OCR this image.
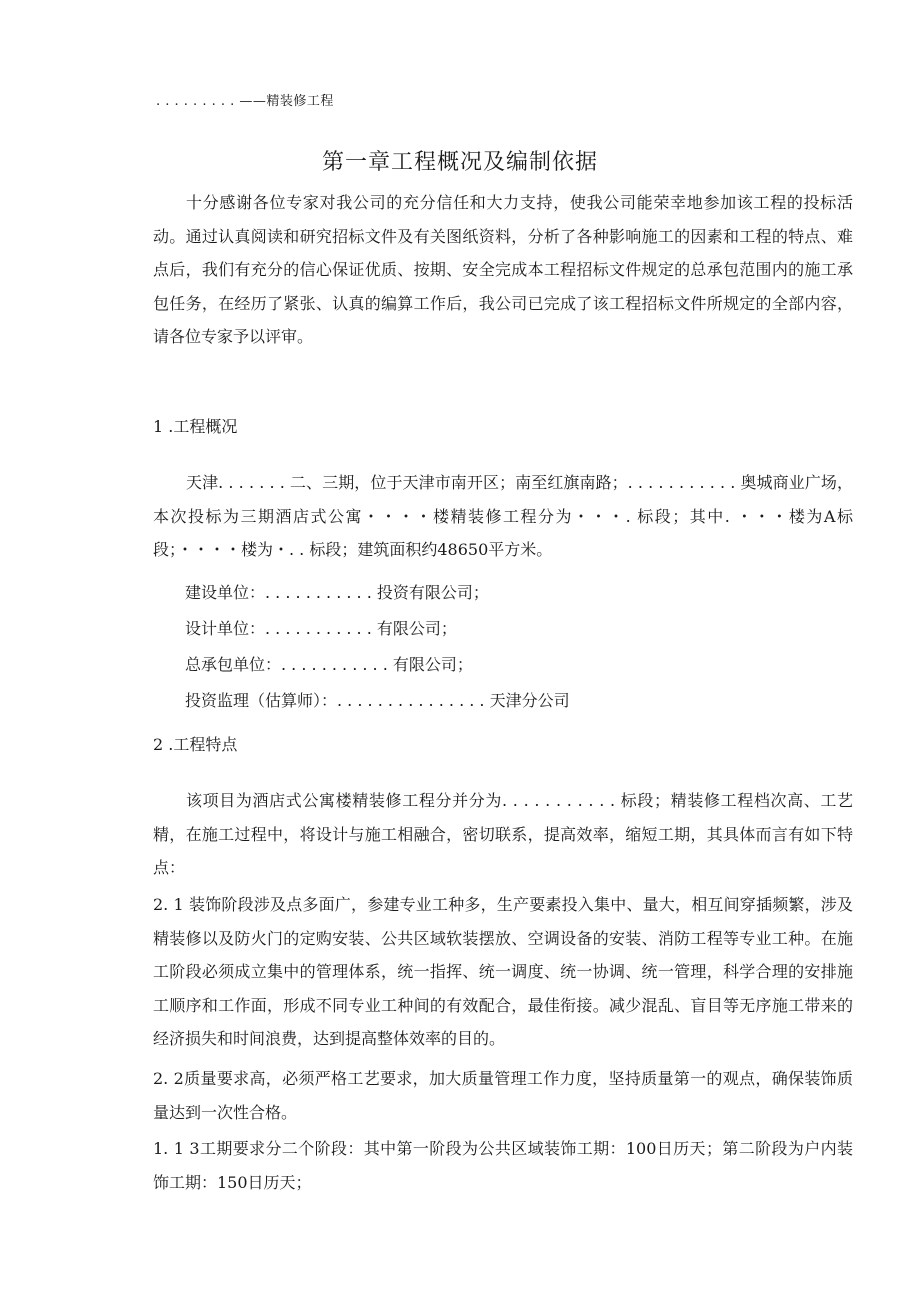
. . . . . . . . . ——精装修工程
第一章工程概况及编制依据
十分感谢各位专家对我公司的充分信任和大力支持，使我公司能荣幸地参加该工程的投标活动。通过认真阅读和研究招标文件及有关图纸资料，分析了各种影响施工的因素和工程的特点、难点后，我们有充分的信心保证优质、按期、安全完成本工程招标文件规定的总承包范围内的施工承包任务，在经历了紧张、认真的编算工作后，我公司已完成了该工程招标文件所规定的全部内容，请各位专家予以评审。
1 .工程概况
天津. . . . . . . 二、三期，位于天津市南开区；南至红旗南路；. . . . . . . . . . . 奥城商业广场，本次投标为三期酒店式公寓・・・・楼精装修工程分为・・・. 标段；其中. ・・・楼为A标段；・・・・楼为・. . 标段；建筑面积约48650平方米。
建设单位：. . . . . . . . . . . 投资有限公司；
设计单位：. . . . . . . . . . . 有限公司；
总承包单位：. . . . . . . . . . . 有限公司；
投资监理（估算师）：. . . . . . . . . . . . . . . 天津分公司
2 .工程特点
该项目为酒店式公寓楼精装修工程分并分为. . . . . . . . . . . 标段；精装修工程档次高、工艺精，在施工过程中，将设计与施工相融合，密切联系，提高效率，缩短工期，其具体而言有如下特点：
2. 1 装饰阶段涉及点多面广，参建专业工种多，生产要素投入集中、量大，相互间穿插频繁，涉及精装修以及防火门的定购安装、公共区域软装摆放、空调设备的安装、消防工程等专业工种。在施工阶段必须成立集中的管理体系，统一指挥、统一调度、统一协调、统一管理，科学合理的安排施工顺序和工作面，形成不同专业工种间的有效配合，最佳衔接。减少混乱、盲目等无序施工带来的经济损失和时间浪费，达到提高整体效率的目的。
2. 2质量要求高，必须严格工艺要求，加大质量管理工作力度，坚持质量第一的观点，确保装饰质量达到一次性合格。
1. 1 3工期要求分二个阶段：其中第一阶段为公共区域装饰工期：100日历天；第二阶段为户内装饰工期：150日历天；
